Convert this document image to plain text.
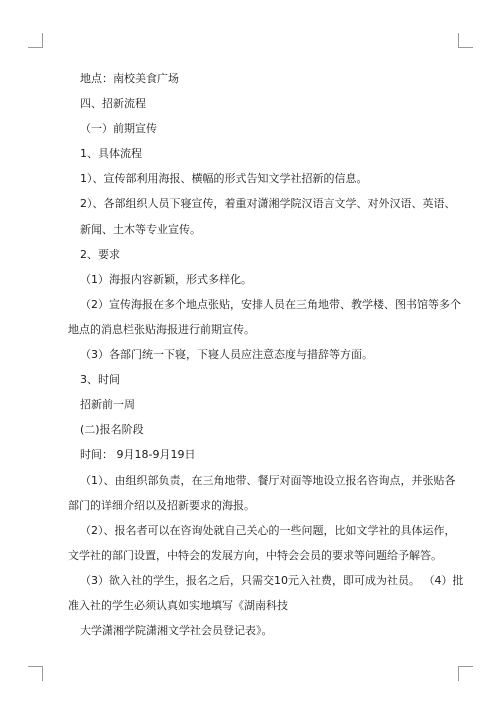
地点：南校美食广场

四、招新流程

（一）前期宣传

1、具体流程

1）、宣传部利用海报、横幅的形式告知文学社招新的信息。

2）、各部组织人员下寝宣传，着重对潇湘学院汉语言文学、对外汉语、英语、

新闻、土木等专业宣传。

2、要求

（1）海报内容新颖，形式多样化。

（2）宣传海报在多个地点张贴，安排人员在三角地带、教学楼、图书馆等多个

地点的消息栏张贴海报进行前期宣传。

（3）各部门统一下寝，下寝人员应注意态度与措辞等方面。

3、时间

招新前一周

(二)报名阶段

时间： 9月18-9月19日

（1）、由组织部负责，在三角地带、餐厅对面等地设立报名咨询点，并张贴各

部门的详细介绍以及招新要求的海报。

（2）、报名者可以在咨询处就自己关心的一些问题，比如文学社的具体运作，

文学社的部门设置，中特会的发展方向，中特会会员的要求等问题给予解答。

（3）欲入社的学生，报名之后，只需交10元入社费，即可成为社员。 （4）批

准入社的学生必须认真如实地填写《湖南科技

大学潇湘学院潇湘文学社会员登记表》。
